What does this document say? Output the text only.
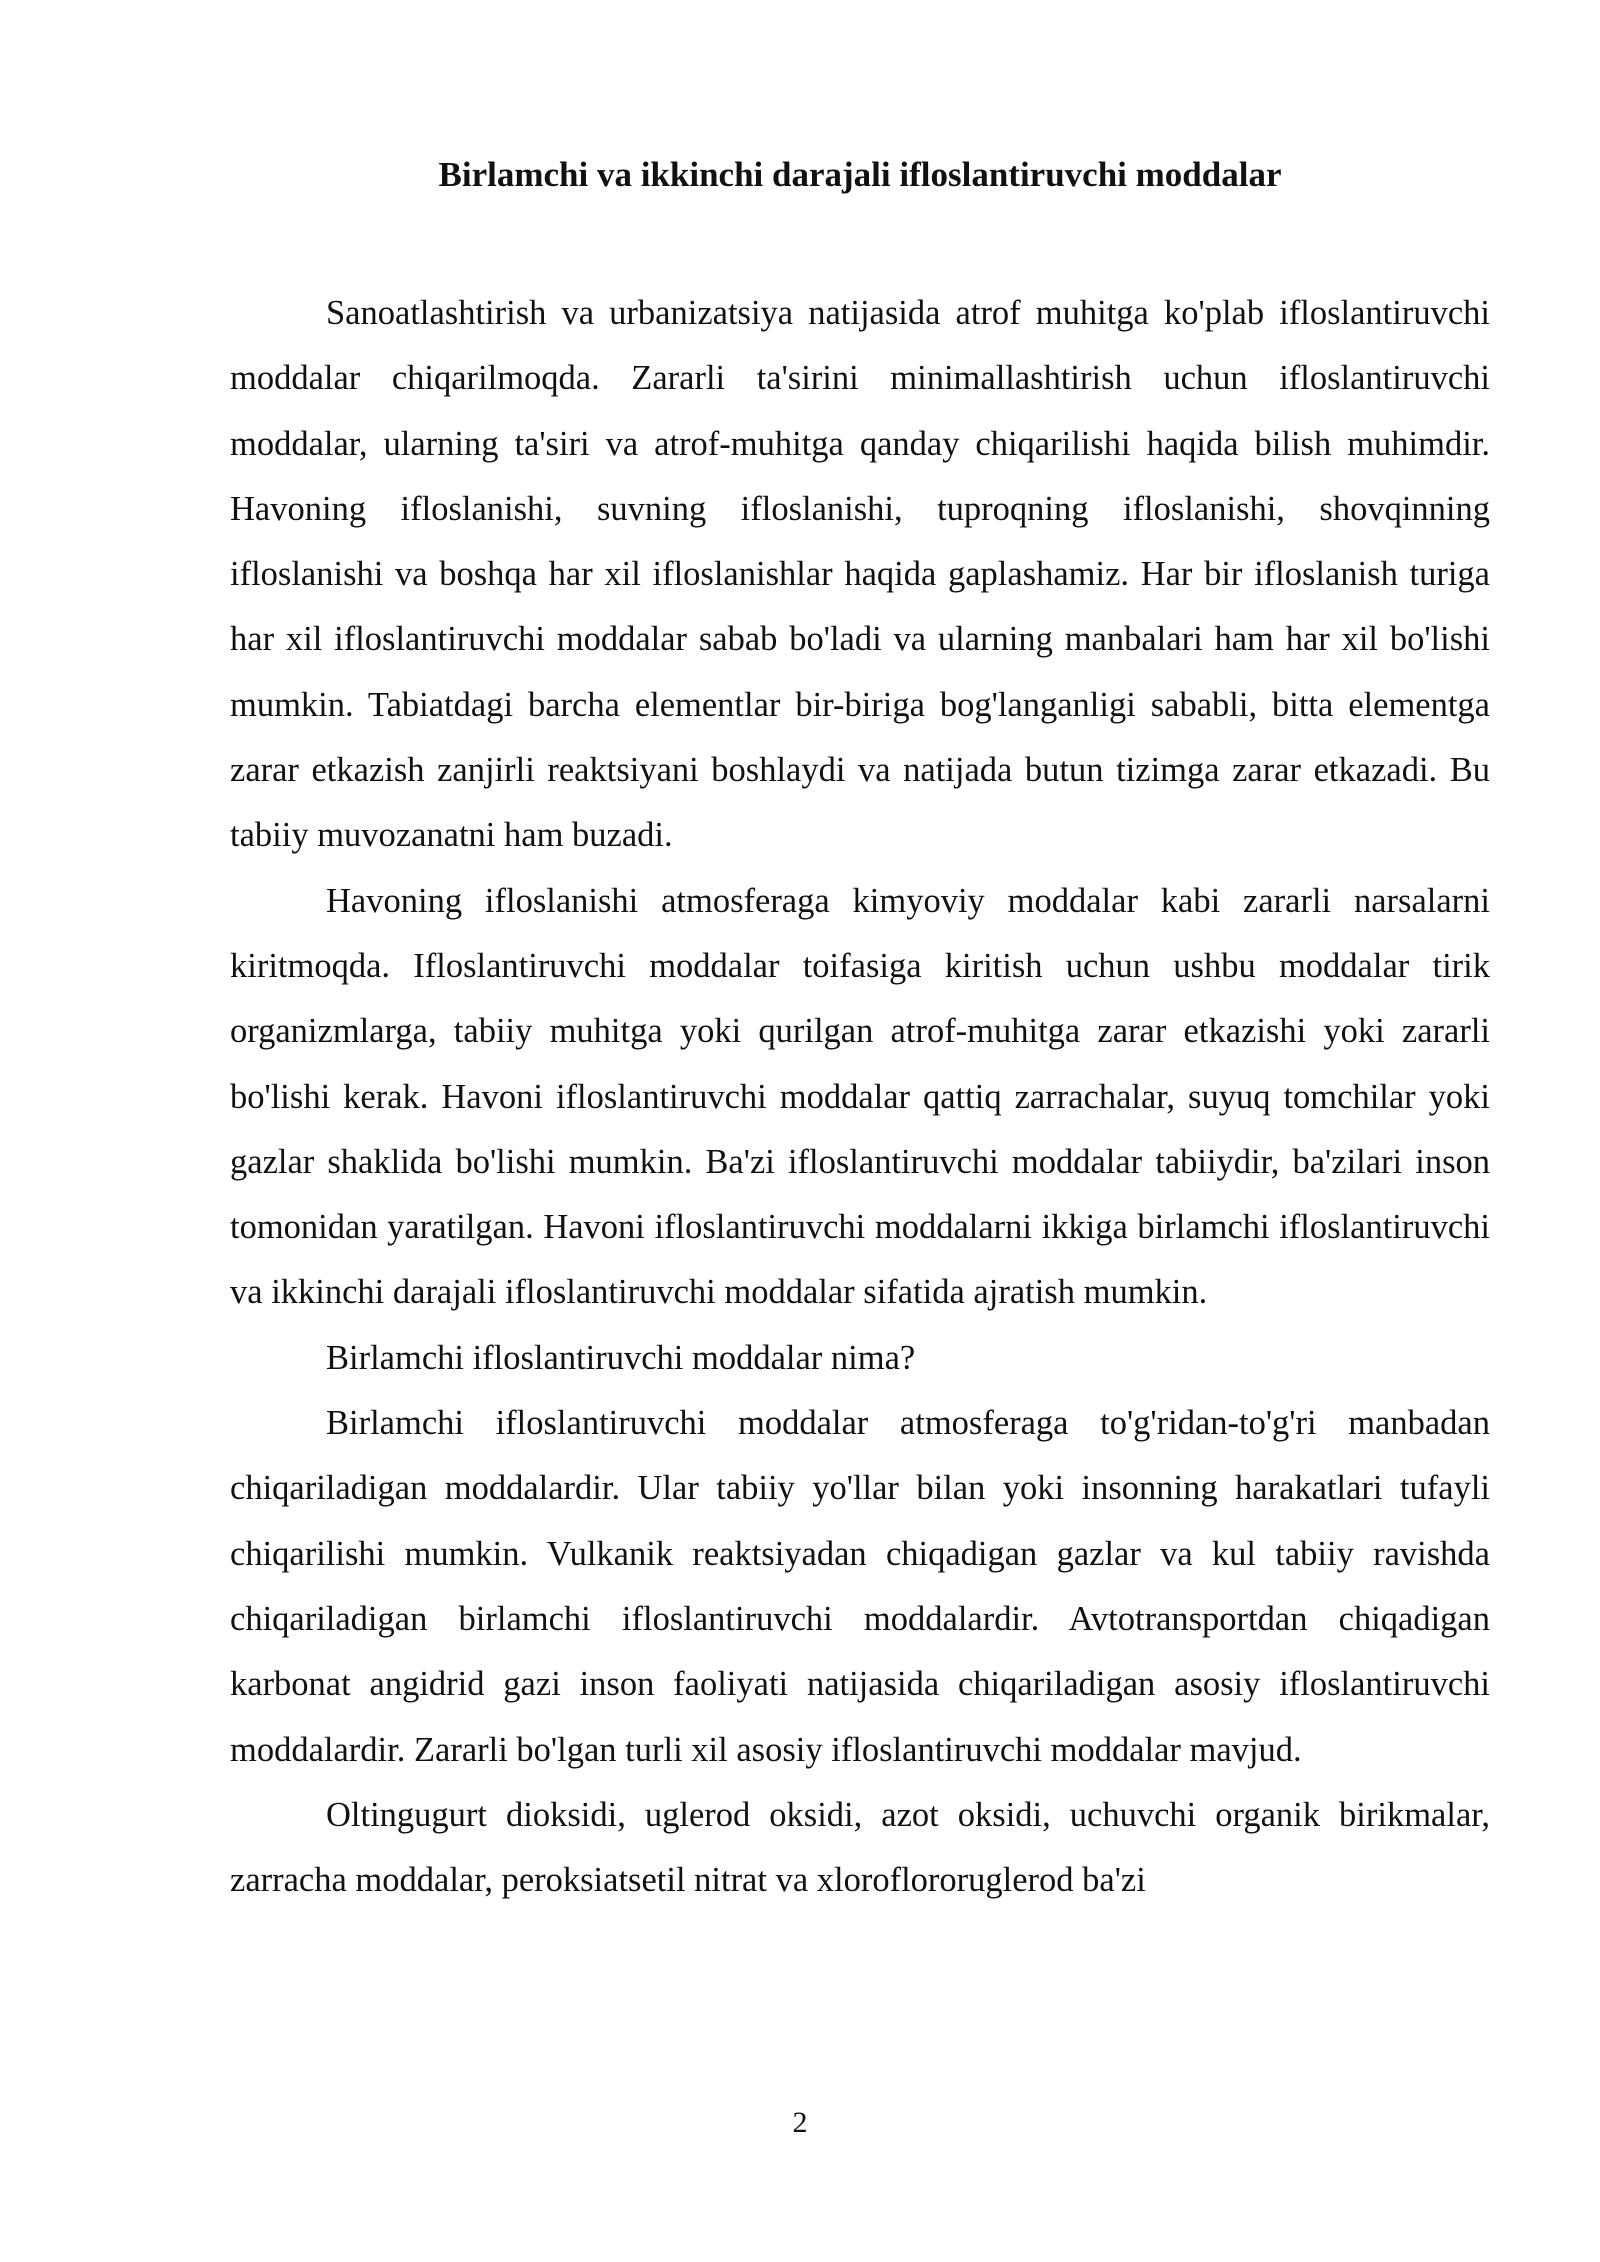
Birlamchi va ikkinchi darajali ifloslantiruvchi moddalar

Sanoatlashtirish va urbanizatsiya natijasida atrof muhitga ko'plab ifloslantiruvchi moddalar chiqarilmoqda. Zararli ta'sirini minimallashtirish uchun ifloslantiruvchi moddalar, ularning ta'siri va atrof-muhitga qanday chiqarilishi haqida bilish muhimdir. Havoning ifloslanishi, suvning ifloslanishi, tuproqning ifloslanishi, shovqinning ifloslanishi va boshqa har xil ifloslanishlar haqida gaplashamiz. Har bir ifloslanish turiga har xil ifloslantiruvchi moddalar sabab bo'ladi va ularning manbalari ham har xil bo'lishi mumkin. Tabiatdagi barcha elementlar bir-biriga bog'langanligi sababli, bitta elementga zarar etkazish zanjirli reaktsiyani boshlaydi va natijada butun tizimga zarar etkazadi. Bu tabiiy muvozanatni ham buzadi.

Havoning ifloslanishi atmosferaga kimyoviy moddalar kabi zararli narsalarni kiritmoqda. Ifloslantiruvchi moddalar toifasiga kiritish uchun ushbu moddalar tirik organizmlarga, tabiiy muhitga yoki qurilgan atrof-muhitga zarar etkazishi yoki zararli bo'lishi kerak. Havoni ifloslantiruvchi moddalar qattiq zarrachalar, suyuq tomchilar yoki gazlar shaklida bo'lishi mumkin. Ba'zi ifloslantiruvchi moddalar tabiiydir, ba'zilari inson tomonidan yaratilgan. Havoni ifloslantiruvchi moddalarni ikkiga birlamchi ifloslantiruvchi va ikkinchi darajali ifloslantiruvchi moddalar sifatida ajratish mumkin.

Birlamchi ifloslantiruvchi moddalar nima?

Birlamchi ifloslantiruvchi moddalar atmosferaga to'g'ridan-to'g'ri manbadan chiqariladigan moddalardir. Ular tabiiy yo'llar bilan yoki insonning harakatlari tufayli chiqarilishi mumkin. Vulkanik reaktsiyadan chiqadigan gazlar va kul tabiiy ravishda chiqariladigan birlamchi ifloslantiruvchi moddalardir. Avtotransportdan chiqadigan karbonat angidrid gazi inson faoliyati natijasida chiqariladigan asosiy ifloslantiruvchi moddalardir. Zararli bo'lgan turli xil asosiy ifloslantiruvchi moddalar mavjud.

Oltingugurt dioksidi, uglerod oksidi, azot oksidi, uchuvchi organik birikmalar, zarracha moddalar, peroksiatsetil nitrat va xloroflororuglerod ba'zi

2
